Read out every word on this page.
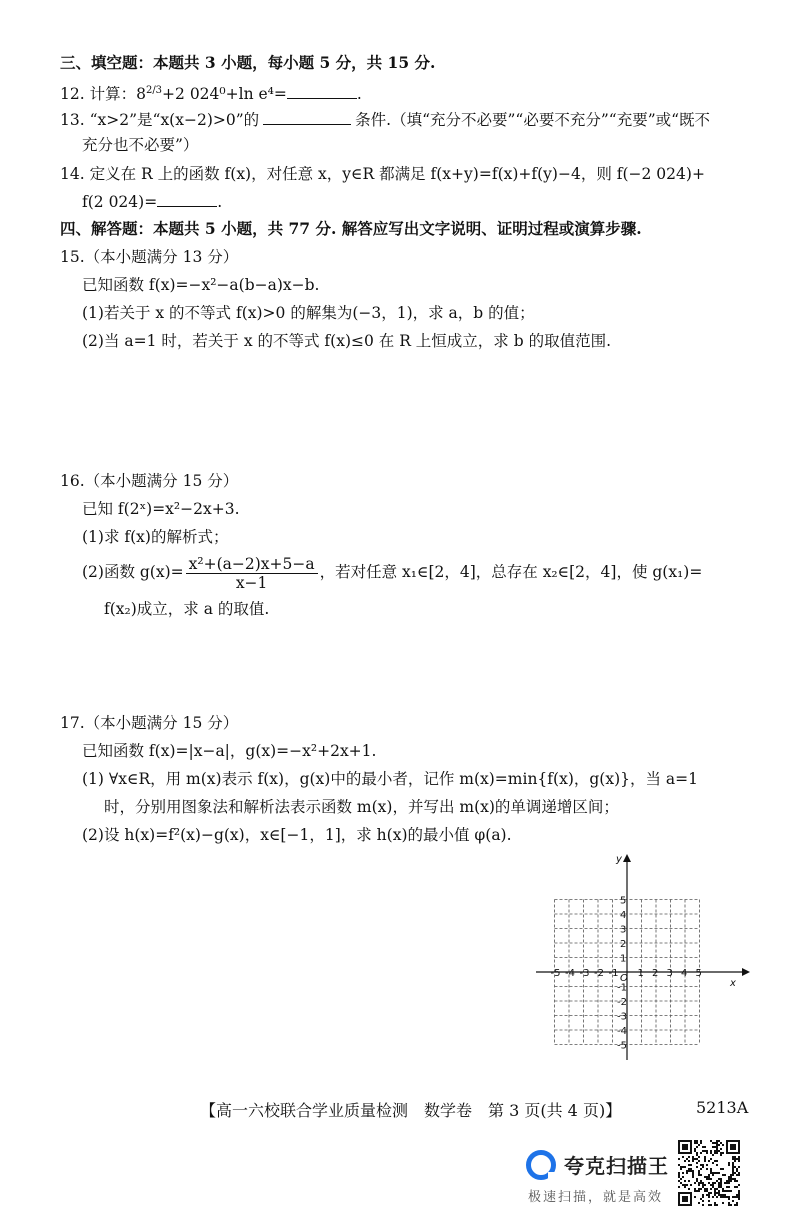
三、填空题：本题共 3 小题，每小题 5 分，共 15 分.
12. 计算：$8^{2/3}+2$ 024⁰+ln e⁴=	.
13. “x>2”是“x(x−2)>0”的	条件.（填“充分不必要”“必要不充分”“充要”或“既不
充分也不必要”）
14. 定义在 R 上的函数 f(x)，对任意 x，y∈R 都满足 f(x+y)=f(x)+f(y)−4，则 f(−2 024)+
f(2 024)=	.
四、解答题：本题共 5 小题，共 77 分. 解答应写出文字说明、证明过程或演算步骤.
15.（本小题满分 13 分）
已知函数 f(x)=−x²−a(b−a)x−b.
(1)若关于 x 的不等式 f(x)>0 的解集为(−3，1)，求 a，b 的值；
(2)当 a=1 时，若关于 x 的不等式 f(x)≤0 在 R 上恒成立，求 b 的取值范围.
16.（本小题满分 15 分）
已知 f(2ˣ)=x²−2x+3.
(1)求 f(x)的解析式；
(2)函数 $g(x)= \frac{\text{x²+(a−2)x+5−a}}{x-1}$ ，若对任意 x₁∈[2，4]，总存在 x₂∈[2，4]，使 g(x₁)=
f(x₂)成立，求 a 的取值.
17.（本小题满分 15 分）
已知函数 f(x)=|x−a|，g(x)=−x²+2x+1.
(1) ∀x∈R，用 m(x)表示 f(x)，g(x)中的最小者，记作 m(x)=min{f(x)，g(x)}，当 a=1
时，分别用图象法和解析法表示函数 m(x)，并写出 m(x)的单调递增区间；
(2)设 h(x)=f²(x)−g(x)，x∈[−1，1]，求 h(x)的最小值 φ(a).
x
y
O
-5 -4 -3 -2 -1 1 2 3 4 5
5
4
3
2
1
-1
-2
-3
-4
-5
【高一六校联合学业质量检测　数学卷　第 3 页(共 4 页)】	5213A
夸克扫描王
极速扫描，就是高效
